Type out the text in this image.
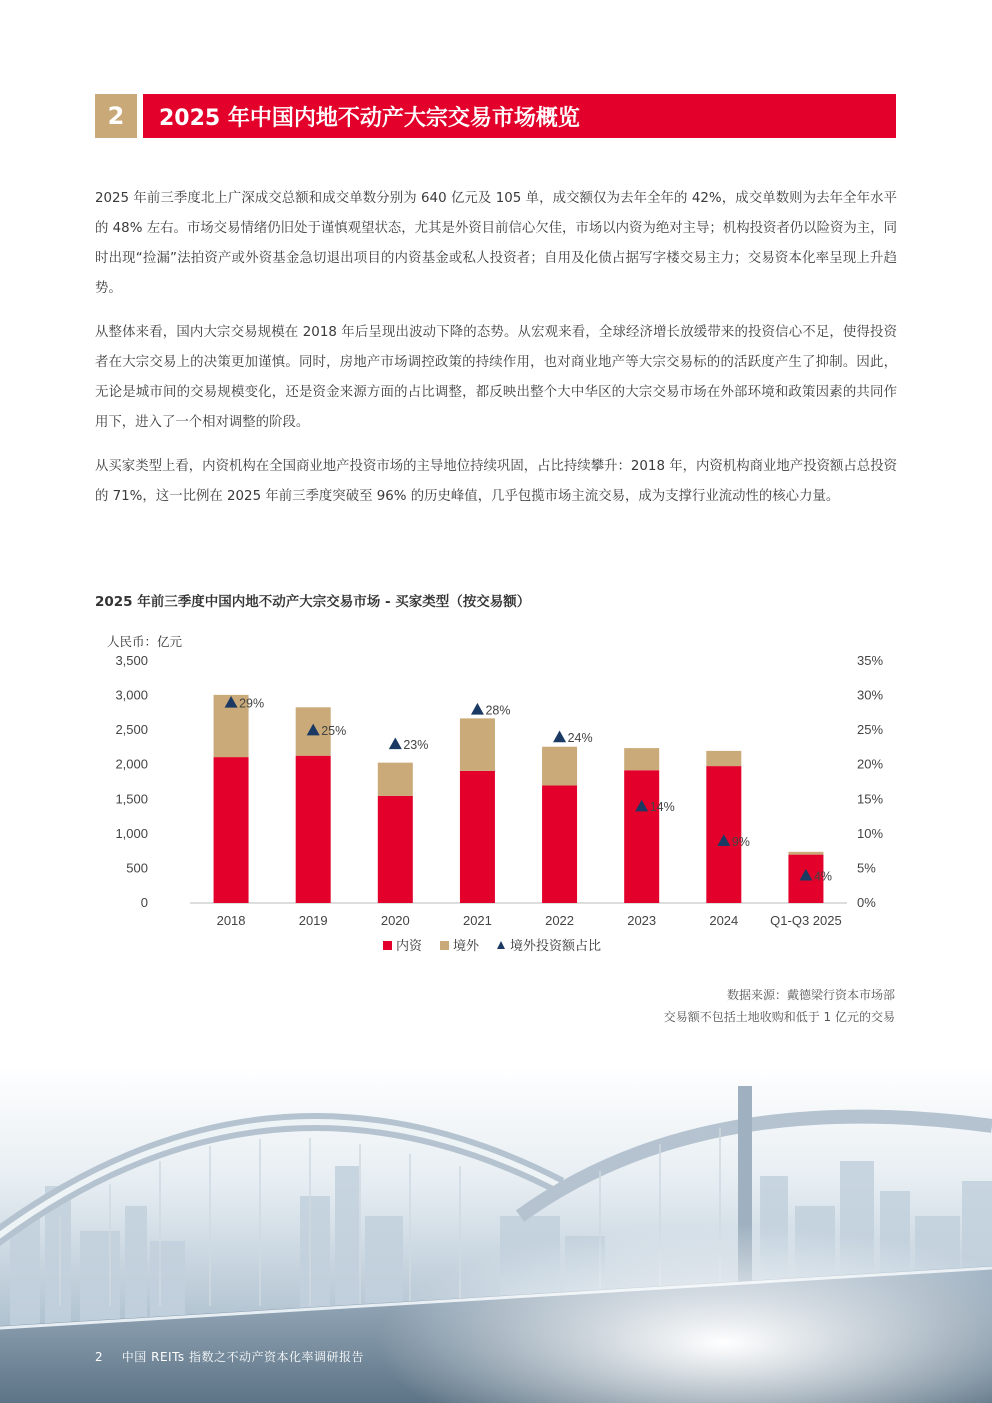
2	2025 年中国内地不动产大宗交易市场概览

2025 年前三季度北上广深成交总额和成交单数分别为 640 亿元及 105 单，成交额仅为去年全年的 42%，成交单数则为去年全年水平的 48% 左右。市场交易情绪仍旧处于谨慎观望状态，尤其是外资目前信心欠佳，市场以内资为绝对主导；机构投资者仍以险资为主，同时出现“捡漏”法拍资产或外资基金急切退出项目的内资基金或私人投资者；自用及化债占据写字楼交易主力；交易资本化率呈现上升趋势。

从整体来看，国内大宗交易规模在 2018 年后呈现出波动下降的态势。从宏观来看，全球经济增长放缓带来的投资信心不足，使得投资者在大宗交易上的决策更加谨慎。同时，房地产市场调控政策的持续作用，也对商业地产等大宗交易标的的活跃度产生了抑制。因此，无论是城市间的交易规模变化，还是资金来源方面的占比调整，都反映出整个大中华区的大宗交易市场在外部环境和政策因素的共同作用下，进入了一个相对调整的阶段。

从买家类型上看，内资机构在全国商业地产投资市场的主导地位持续巩固，占比持续攀升：2018 年，内资机构商业地产投资额占总投资的 71%，这一比例在 2025 年前三季度突破至 96% 的历史峰值，几乎包揽市场主流交易，成为支撑行业流动性的核心力量。

2025 年前三季度中国内地不动产大宗交易市场 - 买家类型（按交易额）
人民币：亿元
0
500
1,000
1,500
2,000
2,500
3,000
3,500
0%
5%
10%
15%
20%
25%
30%
35%
2018
29%
2019
25%
2020
23%
2021
28%
2022
24%
2023
14%
2024
9%
Q1-Q3 2025
4%
内资 境外 境外投资额占比
数据来源：戴德梁行资本市场部
交易额不包括土地收购和低于 1 亿元的交易
2 中国 REITs 指数之不动产资本化率调研报告
